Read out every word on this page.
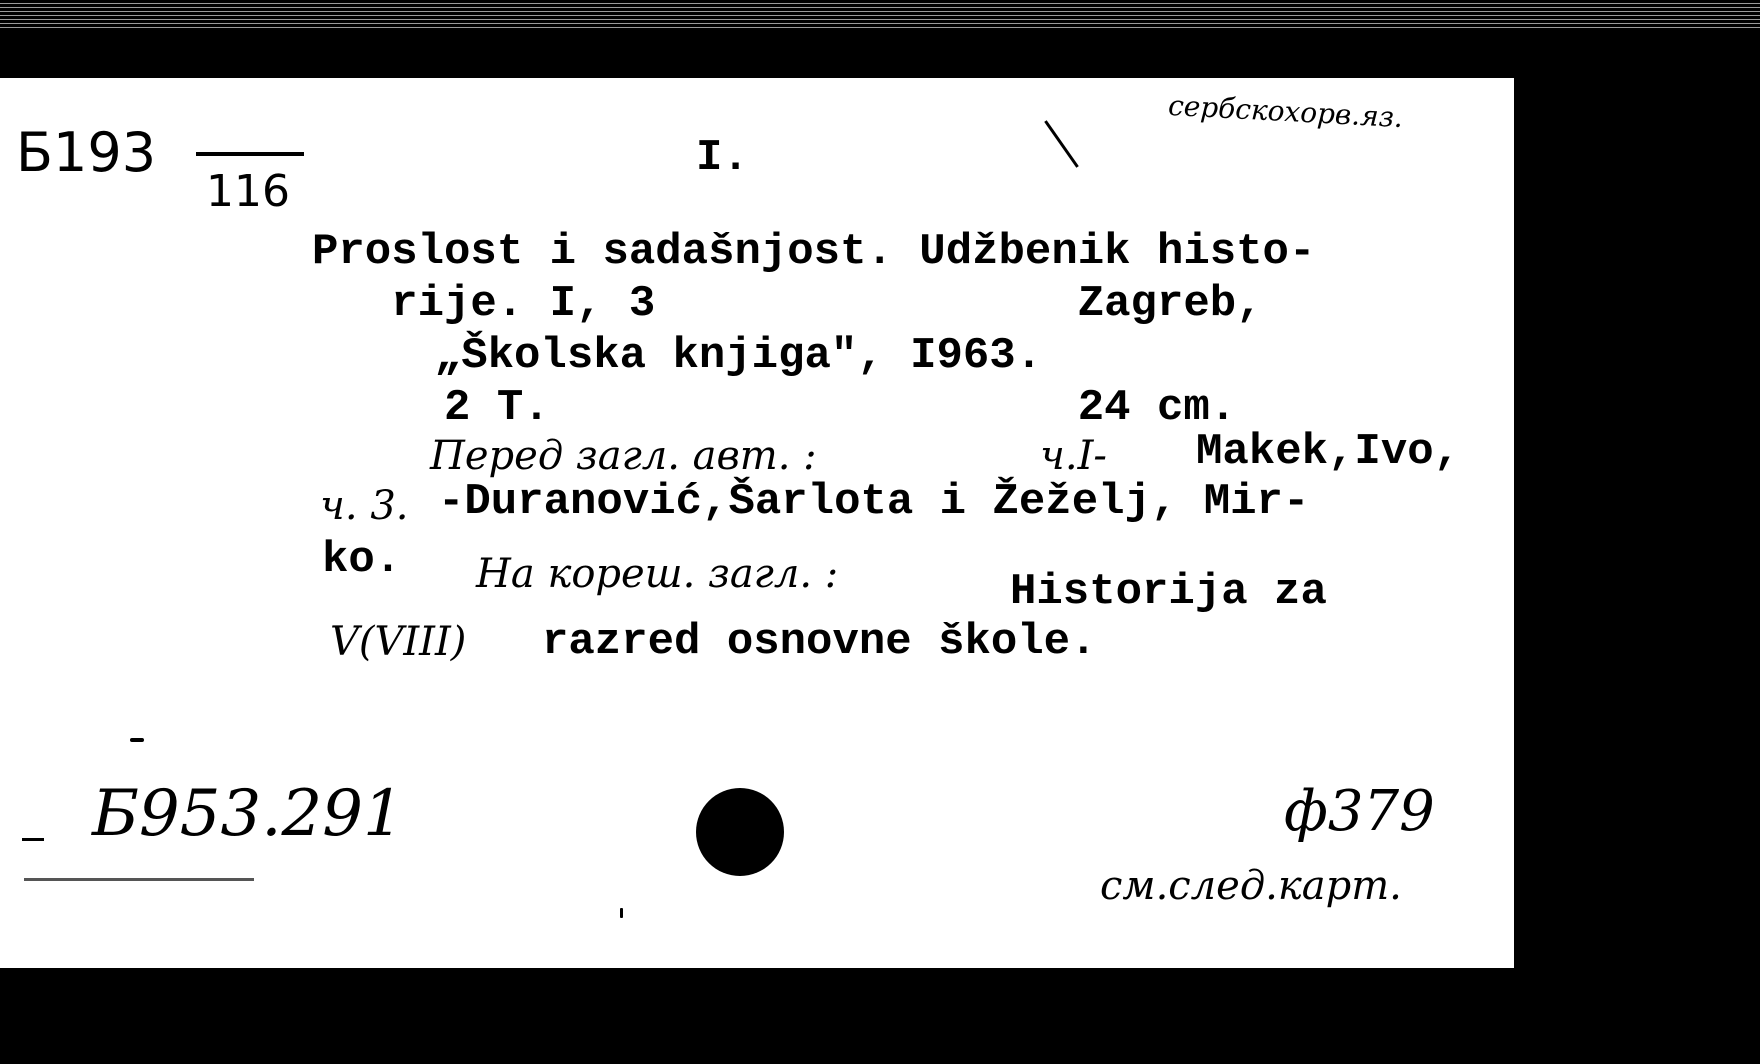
Б193
116
I.
сербскохорв.яз.
Proslost i sadašnjost. Udžbenik histo-
rije. I, 3                Zagreb,
„Školska knjiga", I963.
2 T.                    24 cm.
Перед загл. авт. :	ч.I- Makek,Ivo,
ч. 3. -Duranović,Šarlota i Žeželj, Mir-
ko. На кореш. загл. :	Historija za
V(VIII) razred osnovne škole.
Б953.291	ф379
см.след.карт.
